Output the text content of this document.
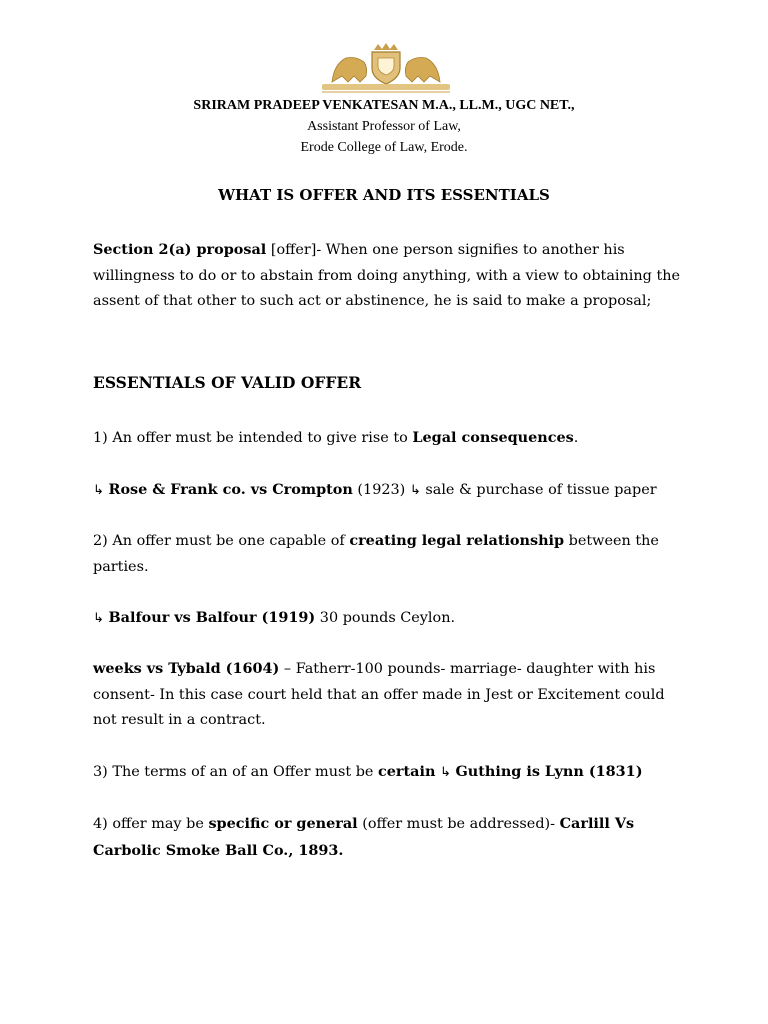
SRIRAM PRADEEP VENKATESAN M.A., LL.M., UGC NET.,
Assistant Professor of Law,
Erode College of Law, Erode.
WHAT IS OFFER AND ITS ESSENTIALS
Section 2(a) proposal [offer]- When one person signifies to another his willingness to do or to abstain from doing anything, with a view to obtaining the assent of that other to such act or abstinence, he is said to make a proposal;
ESSENTIALS OF VALID OFFER
1) An offer must be intended to give rise to Legal consequences.
↳ Rose & Frank co. vs Crompton (1923) ↳ sale & purchase of tissue paper
2) An offer must be one capable of creating legal relationship between the parties.
↳ Balfour vs Balfour (1919) 30 pounds Ceylon.
weeks vs Tybald (1604) – Fatherr-100 pounds- marriage- daughter with his consent- In this case court held that an offer made in Jest or Excitement could not result in a contract.
3) The terms of an of an Offer must be certain ↳ Guthing is Lynn (1831)
4) offer may be specific or general (offer must be addressed)- Carlill Vs Carbolic Smoke Ball Co., 1893.
